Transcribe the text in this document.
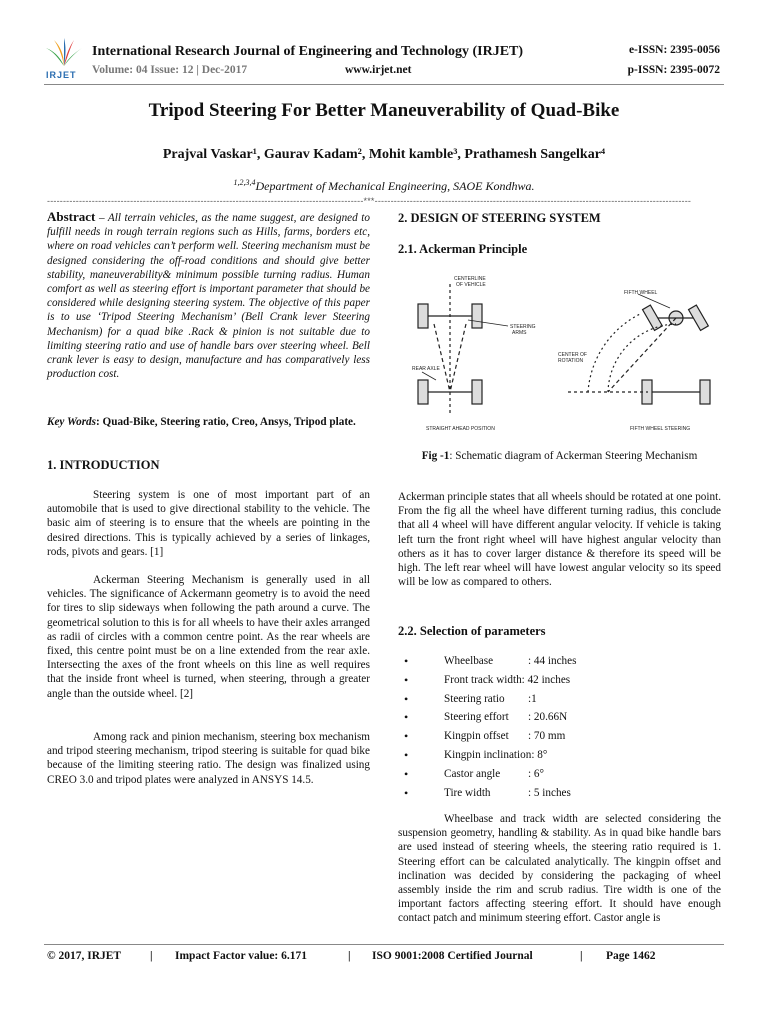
IRJET
International Research Journal of Engineering and Technology (IRJET)
Volume: 04 Issue: 12 | Dec-2017	www.irjet.net
e-ISSN: 2395-0056
p-ISSN: 2395-0072
Tripod Steering For Better Maneuverability of Quad-Bike
Prajval Vaskar¹, Gaurav Kadam², Mohit kamble³, Prathamesh Sangelkar⁴
$^{1,2,3,4}$Department of Mechanical Engineering, SAOE Kondhwa.
---------------------------------------------------------------------------------------------------***---------------------------------------------------------------------------------------------------
Abstract – All terrain vehicles, as the name suggest, are designed to fulfill needs in rough terrain regions such as Hills, farms, borders etc, where on road vehicles can’t perform well. Steering mechanism must be designed considering the off-road conditions and should give better stability, maneuverability& minimum possible turning radius. Human comfort as well as steering effort is important parameter that should be considered while designing steering system. The objective of this paper is to use ‘Tripod Steering Mechanism’ (Bell Crank lever Steering Mechanism) for a quad bike .Rack & pinion is not suitable due to limiting steering ratio and use of handle bars over steering wheel. Bell crank lever is easy to design, manufacture and has comparatively less production cost.
Key Words: Quad-Bike, Steering ratio, Creo, Ansys, Tripod plate.
1. INTRODUCTION
Steering system is one of most important part of an automobile that is used to give directional stability to the vehicle. The basic aim of steering is to ensure that the wheels are pointing in the desired directions. This is typically achieved by a series of linkages, rods, pivots and gears. [1]
Ackerman Steering Mechanism is generally used in all vehicles. The significance of Ackermann geometry is to avoid the need for tires to slip sideways when following the path around a curve. The geometrical solution to this is for all wheels to have their axles arranged as radii of circles with a common centre point. As the rear wheels are fixed, this centre point must be on a line extended from the rear axle. Intersecting the axes of the front wheels on this line as well requires that the inside front wheel is turned, when steering, through a greater angle than the outside wheel. [2]
Among rack and pinion mechanism, steering box mechanism and tripod steering mechanism, tripod steering is suitable for quad bike because of the limiting steering ratio. The design was finalized using CREO 3.0 and tripod plates were analyzed in ANSYS 14.5.
2. DESIGN OF STEERING SYSTEM
2.1. Ackerman Principle
CENTERLINE
OF VEHICLE
STEERING
ARMS
FIFTH WHEEL
CENTER OF
ROTATION
REAR AXLE
STRAIGHT AHEAD POSITION	FIFTH WHEEL STEERING
Fig -1: Schematic diagram of Ackerman Steering Mechanism
Ackerman principle states that all wheels should be rotated at one point. From the fig all the wheel have different turning radius, this conclude that all 4 wheel will have different angular velocity. If vehicle is taking left turn the front right wheel will have highest angular velocity than others as it has to cover larger distance & therefore its speed will be high. The left rear wheel will have lowest angular velocity so its speed will be low as compared to others.
2.2. Selection of parameters
• Wheelbase	: 44 inches
• Front track width: 42 inches
• Steering ratio :1
• Steering effort : 20.66N
• Kingpin offset : 70 mm
• Kingpin inclination: 8°
• Castor angle : 6°
• Tire width	: 5 inches
Wheelbase and track width are selected considering the suspension geometry, handling & stability. As in quad bike handle bars are used instead of steering wheels, the steering ratio required is 1. Steering effort can be calculated analytically. The kingpin offset and inclination was decided by considering the packaging of wheel assembly inside the rim and scrub radius. Tire width is one of the important factors affecting steering effort. It should have enough contact patch and minimum steering effort. Castor angle is
© 2017, IRJET	| Impact Factor value: 6.171	| ISO 9001:2008 Certified Journal	| Page 1462
